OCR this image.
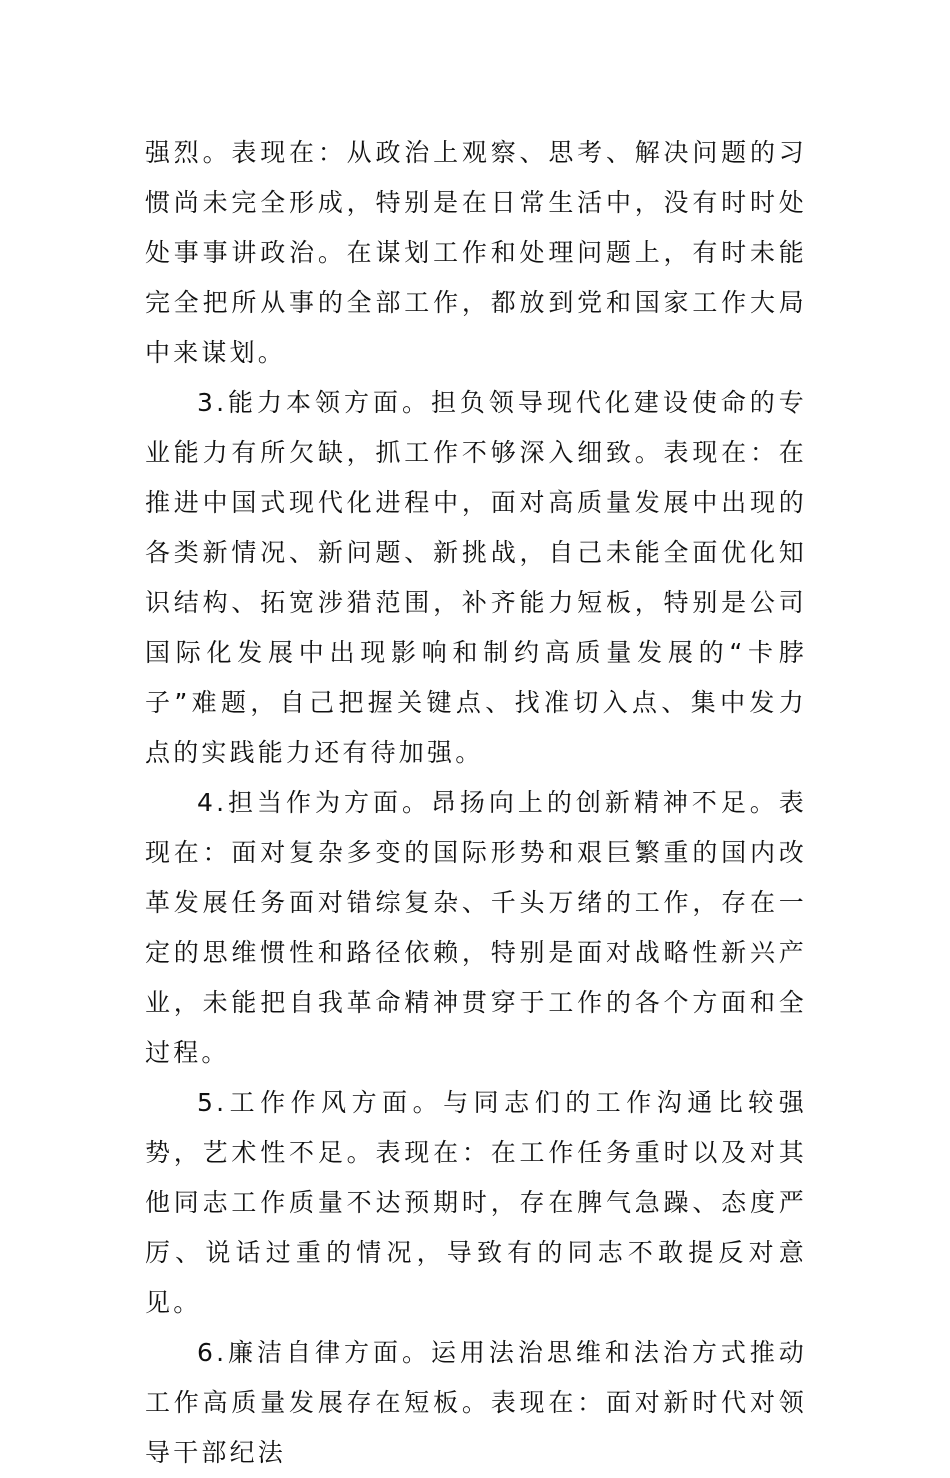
强烈。表现在：从政治上观察、思考、解决问题的习惯尚未完全形成，特别是在日常生活中，没有时时处处事事讲政治。在谋划工作和处理问题上，有时未能完全把所从事的全部工作，都放到党和国家工作大局中来谋划。

3.能力本领方面。担负领导现代化建设使命的专业能力有所欠缺，抓工作不够深入细致。表现在：在推进中国式现代化进程中，面对高质量发展中出现的各类新情况、新问题、新挑战，自己未能全面优化知识结构、拓宽涉猎范围，补齐能力短板，特别是公司国际化发展中出现影响和制约高质量发展的“卡脖子”难题，自己把握关键点、找准切入点、集中发力点的实践能力还有待加强。

4.担当作为方面。昂扬向上的创新精神不足。表现在：面对复杂多变的国际形势和艰巨繁重的国内改革发展任务面对错综复杂、千头万绪的工作，存在一定的思维惯性和路径依赖，特别是面对战略性新兴产业，未能把自我革命精神贯穿于工作的各个方面和全过程。

5.工作作风方面。与同志们的工作沟通比较强势，艺术性不足。表现在：在工作任务重时以及对其他同志工作质量不达预期时，存在脾气急躁、态度严厉、说话过重的情况，导致有的同志不敢提反对意见。

6.廉洁自律方面。运用法治思维和法治方式推动工作高质量发展存在短板。表现在：面对新时代对领导干部纪法
